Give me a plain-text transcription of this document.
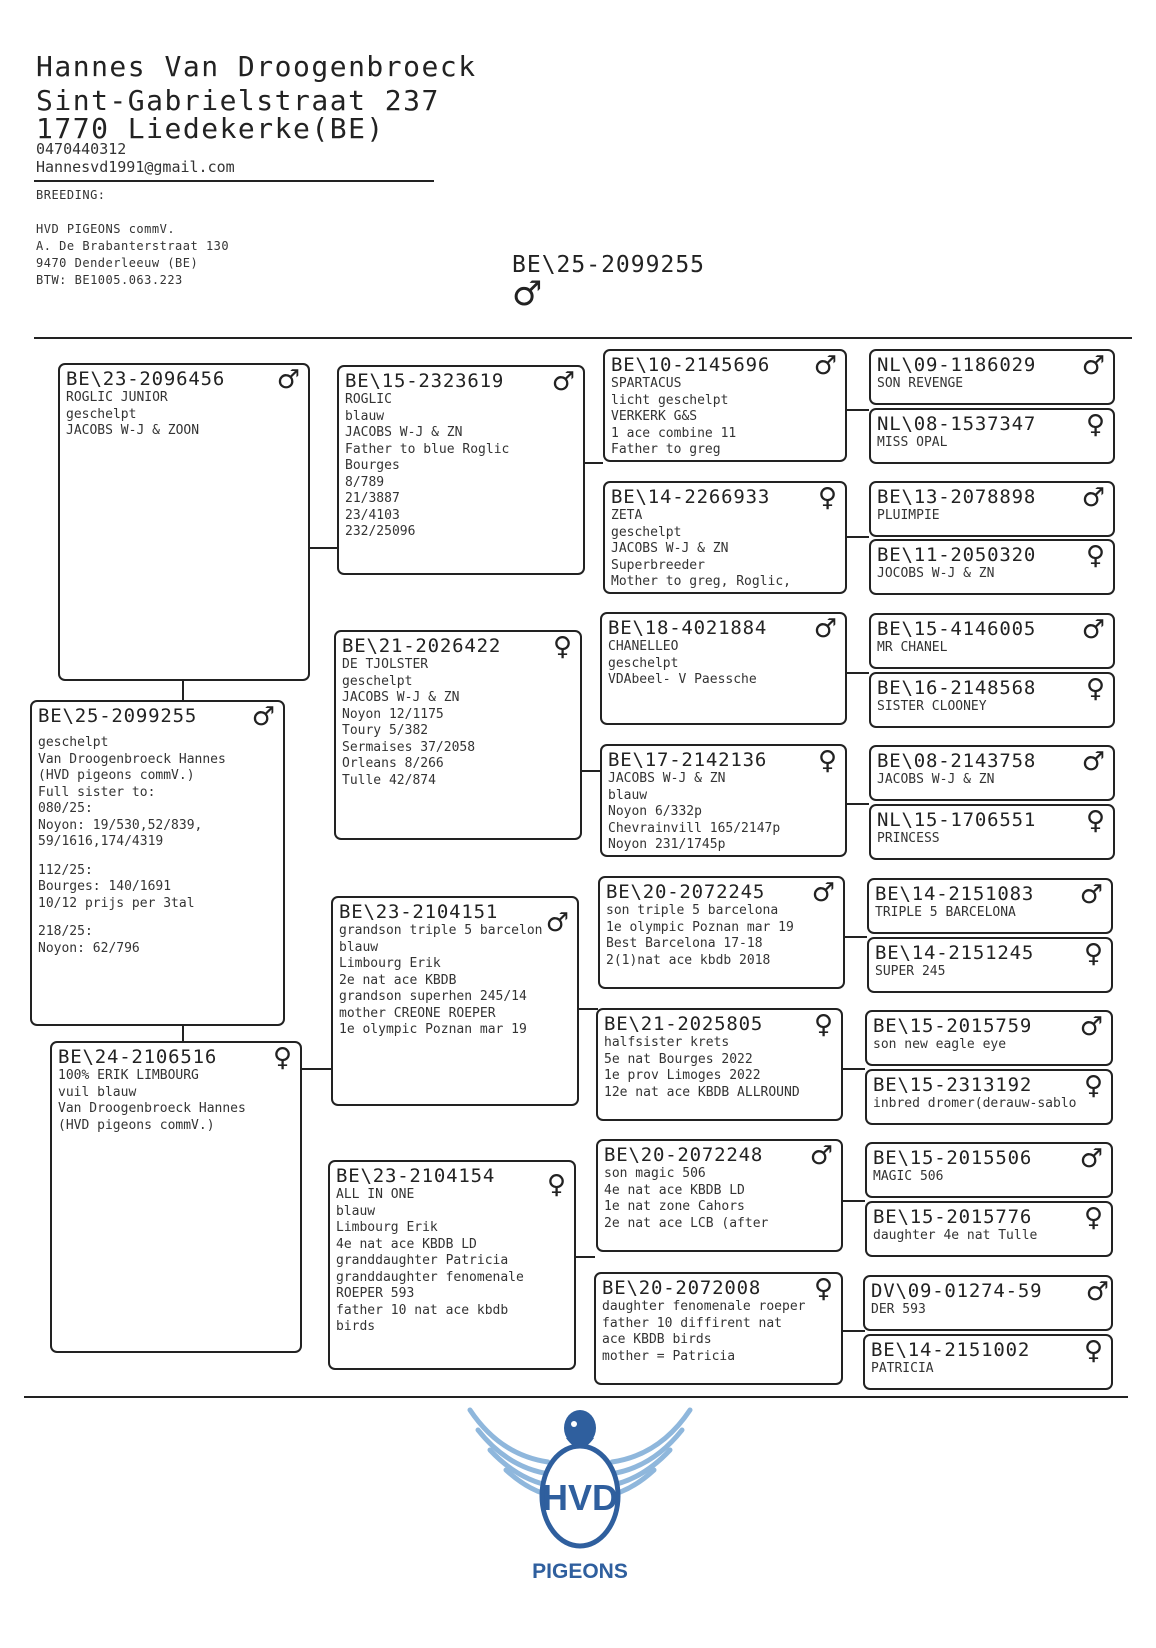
Hannes Van Droogenbroeck
Sint-Gabrielstraat 237
1770 Liedekerke(BE)
0470440312
Hannesvd1991@gmail.com
BREEDING:
HVD PIGEONS commV.
A. De Brabanterstraat 130
9470 Denderleeuw (BE)
BTW: BE1005.063.223
BE\25-2099255
♂
BE\25-2099255	♂
geschelpt
Van Droogenbroeck Hannes
(HVD pigeons commV.)
Full sister to:
080/25:
Noyon: 19/530,52/839,
59/1616,174/4319
112/25:
Bourges: 140/1691
10/12 prijs per 3tal
218/25:
Noyon: 62/796
BE\23-2096456	♂
ROGLIC JUNIOR
geschelpt
JACOBS W-J & ZOON
BE\24-2106516	♀
100% ERIK LIMBOURG
vuil blauw
Van Droogenbroeck Hannes
(HVD pigeons commV.)
BE\15-2323619	♂
ROGLIC
blauw
JACOBS W-J & ZN
Father to blue Roglic
Bourges
8/789
21/3887
23/4103
232/25096
BE\21-2026422	♀
DE TJOLSTER
geschelpt
JACOBS W-J & ZN
Noyon 12/1175
Toury 5/382
Sermaises 37/2058
Orleans 8/266
Tulle 42/874
BE\23-2104151	♂
grandson triple 5 barcelon
blauw
Limbourg Erik
2e nat ace KBDB
grandson superhen 245/14
mother CREONE ROEPER
1e olympic Poznan mar 19
BE\23-2104154	♀
ALL IN ONE
blauw
Limbourg Erik
4e nat ace KBDB LD
granddaughter Patricia
granddaughter fenomenale
ROEPER 593
father 10 nat ace kbdb
birds
BE\10-2145696	♂
SPARTACUS
licht geschelpt
VERKERK G&S
1 ace combine 11
Father to greg
BE\14-2266933	♀
ZETA
geschelpt
JACOBS W-J & ZN
Superbreeder
Mother to greg, Roglic,
BE\18-4021884	♂
CHANELLEO
geschelpt
VDAbeel- V Paessche
BE\17-2142136	♀
JACOBS W-J & ZN
blauw
Noyon 6/332p
Chevrainvill 165/2147p
Noyon 231/1745p
BE\20-2072245	♂
son triple 5 barcelona
1e olympic Poznan mar 19
Best Barcelona 17-18
2(1)nat ace kbdb 2018
BE\21-2025805	♀
halfsister krets
5e nat Bourges 2022
1e prov Limoges 2022
12e nat ace KBDB ALLROUND
BE\20-2072248	♂
son magic 506
4e nat ace KBDB LD
1e nat zone Cahors
2e nat ace LCB (after
BE\20-2072008	♀
daughter fenomenale roeper
father 10 diffirent nat
ace KBDB birds
mother = Patricia
NL\09-1186029	♂
SON REVENGE
NL\08-1537347	♀
MISS OPAL
BE\13-2078898	♂
PLUIMPIE
BE\11-2050320	♀
JOCOBS W-J & ZN
BE\15-4146005	♂
MR CHANEL
BE\16-2148568	♀
SISTER CLOONEY
BE\08-2143758	♂
JACOBS W-J & ZN
NL\15-1706551	♀
PRINCESS
BE\14-2151083	♂
TRIPLE 5 BARCELONA
BE\14-2151245	♀
SUPER 245
BE\15-2015759	♂
son new eagle eye
BE\15-2313192	♀
inbred dromer(derauw-sablo
BE\15-2015506	♂
MAGIC 506
BE\15-2015776	♀
daughter 4e nat Tulle
DV\09-01274-59	♂
DER 593
BE\14-2151002	♀
PATRICIA
HVD
PIGEONS
